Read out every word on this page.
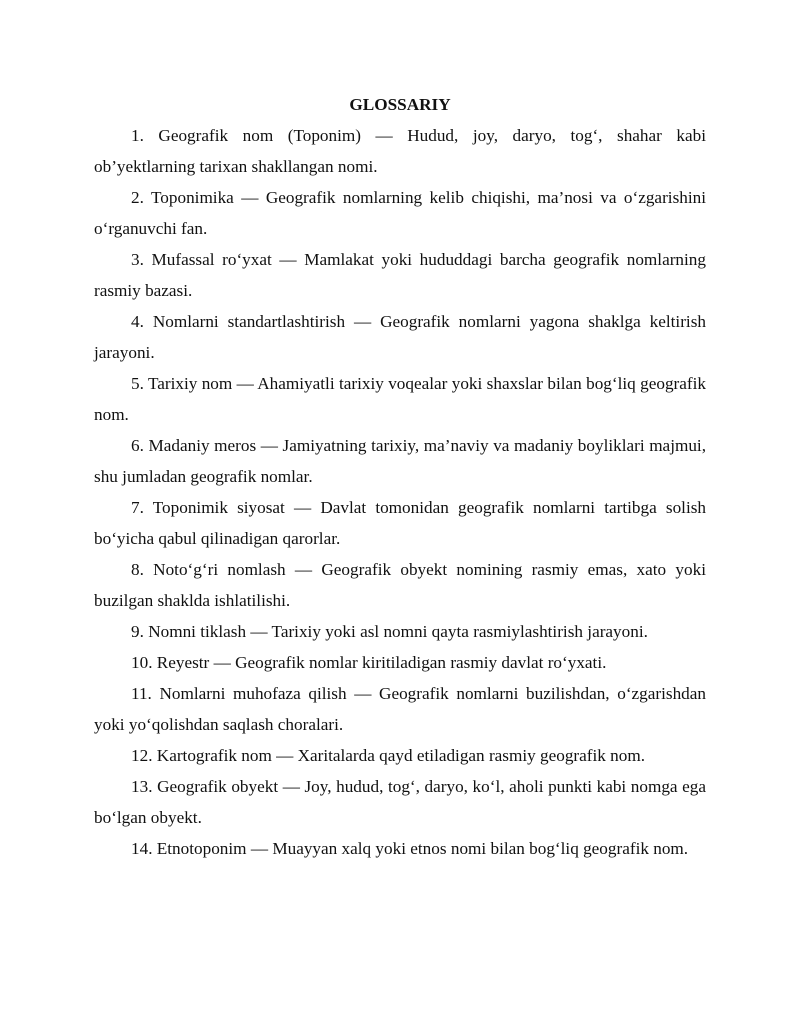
GLOSSARIY

1. Geografik nom (Toponim) — Hudud, joy, daryo, tog‘, shahar kabi ob’yektlarning tarixan shakllangan nomi.

2. Toponimika — Geografik nomlarning kelib chiqishi, ma’nosi va o‘zgarishini o‘rganuvchi fan.

3. Mufassal ro‘yxat — Mamlakat yoki hududdagi barcha geografik nomlarning rasmiy bazasi.

4. Nomlarni standartlashtirish — Geografik nomlarni yagona shaklga keltirish jarayoni.

5. Tarixiy nom — Ahamiyatli tarixiy voqealar yoki shaxslar bilan bog‘liq geografik nom.

6. Madaniy meros — Jamiyatning tarixiy, ma’naviy va madaniy boyliklari majmui, shu jumladan geografik nomlar.

7. Toponimik siyosat — Davlat tomonidan geografik nomlarni tartibga solish bo‘yicha qabul qilinadigan qarorlar.

8. Noto‘g‘ri nomlash — Geografik obyekt nomining rasmiy emas, xato yoki buzilgan shaklda ishlatilishi.

9. Nomni tiklash — Tarixiy yoki asl nomni qayta rasmiylashtirish jarayoni.

10. Reyestr — Geografik nomlar kiritiladigan rasmiy davlat ro‘yxati.

11. Nomlarni muhofaza qilish — Geografik nomlarni buzilishdan, o‘zgarishdan yoki yo‘qolishdan saqlash choralari.

12. Kartografik nom — Xaritalarda qayd etiladigan rasmiy geografik nom.

13. Geografik obyekt — Joy, hudud, tog‘, daryo, ko‘l, aholi punkti kabi nomga ega bo‘lgan obyekt.

14. Etnotoponim — Muayyan xalq yoki etnos nomi bilan bog‘liq geografik nom.
